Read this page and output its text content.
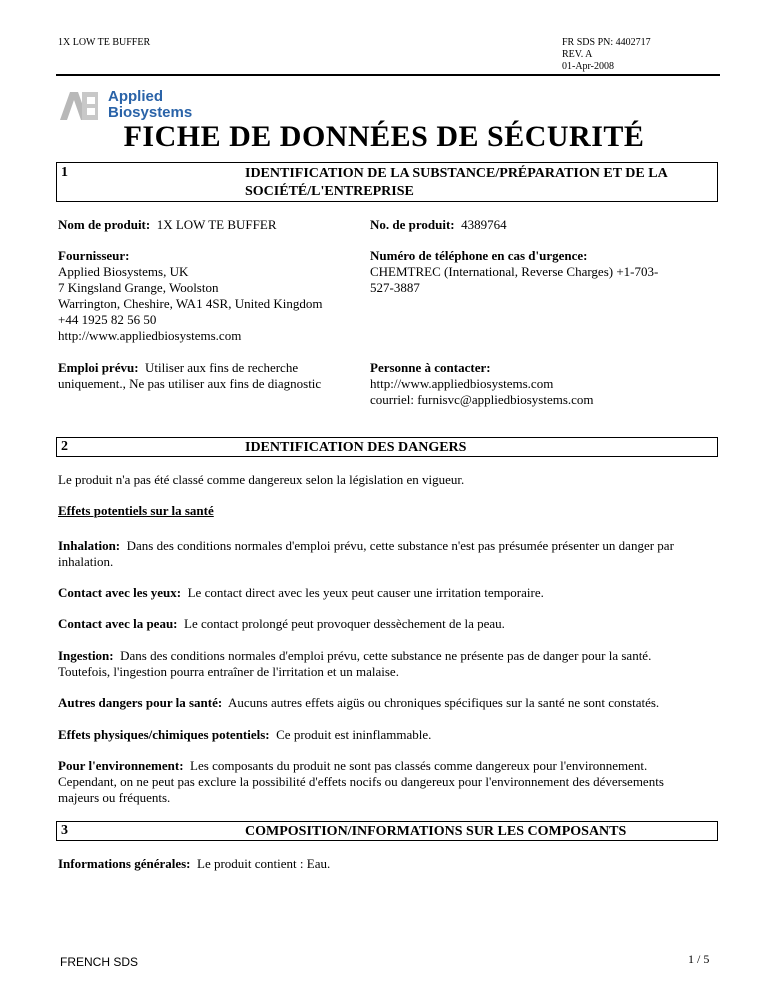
1X LOW TE BUFFER	FR SDS PN: 4402717
REV. A
01-Apr-2008
Applied
Biosystems
FICHE DE DONNÉES DE SÉCURITÉ
1	IDENTIFICATION DE LA SUBSTANCE/PRÉPARATION ET DE LA
SOCIÉTÉ/L'ENTREPRISE
Nom de produit: 1X LOW TE BUFFER	No. de produit: 4389764
Fournisseur:
Applied Biosystems, UK
7 Kingsland Grange, Woolston
Warrington, Cheshire, WA1 4SR, United Kingdom
+44 1925 82 56 50
http://www.appliedbiosystems.com
Numéro de téléphone en cas d'urgence:
CHEMTREC (International, Reverse Charges) +1-703-
527-3887
Emploi prévu: Utiliser aux fins de recherche
uniquement., Ne pas utiliser aux fins de diagnostic
Personne à contacter:
http://www.appliedbiosystems.com
courriel: furnisvc@appliedbiosystems.com
2	IDENTIFICATION DES DANGERS
Le produit n'a pas été classé comme dangereux selon la législation en vigueur.
Effets potentiels sur la santé
Inhalation: Dans des conditions normales d'emploi prévu, cette substance n'est pas présumée présenter un danger par
inhalation.
Contact avec les yeux: Le contact direct avec les yeux peut causer une irritation temporaire.
Contact avec la peau: Le contact prolongé peut provoquer dessèchement de la peau.
Ingestion: Dans des conditions normales d'emploi prévu, cette substance ne présente pas de danger pour la santé.
Toutefois, l'ingestion pourra entraîner de l'irritation et un malaise.
Autres dangers pour la santé: Aucuns autres effets aigüs ou chroniques spécifiques sur la santé ne sont constatés.
Effets physiques/chimiques potentiels: Ce produit est ininflammable.
Pour l'environnement: Les composants du produit ne sont pas classés comme dangereux pour l'environnement.
Cependant, on ne peut pas exclure la possibilité d'effets nocifs ou dangereux pour l'environnement des déversements
majeurs ou fréquents.
3	COMPOSITION/INFORMATIONS SUR LES COMPOSANTS
Informations générales: Le produit contient : Eau.
FRENCH SDS	1 / 5
